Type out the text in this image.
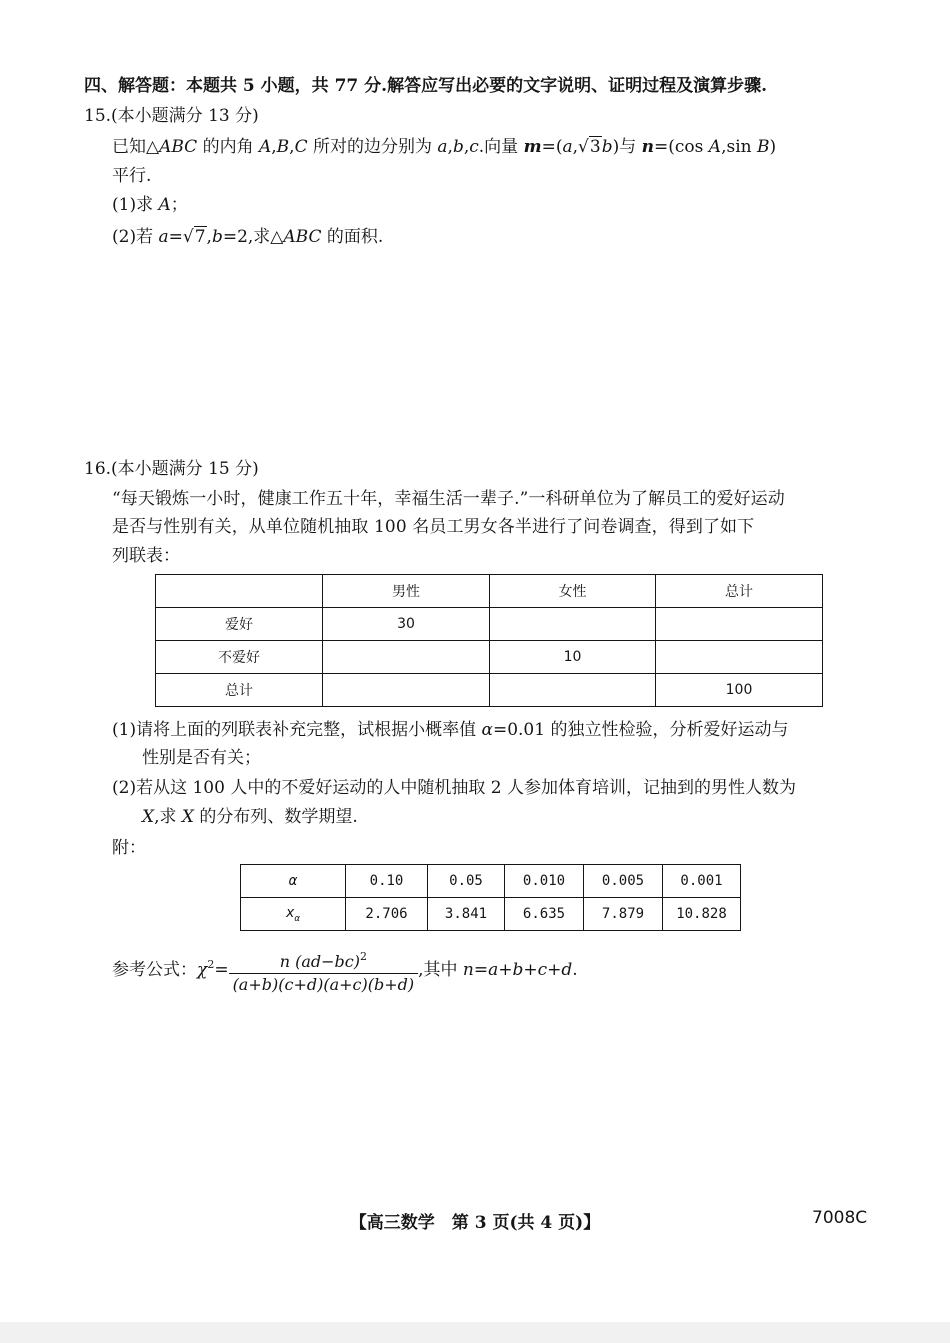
四、解答题：本题共 5 小题，共 77 分.解答应写出必要的文字说明、证明过程及演算步骤.
15.(本小题满分 13 分)
已知△ABC 的内角 A,B,C 所对的边分别为 a,b,c.向量 m=(a,√3b)与 n=(cos A,sin B)
平行.
(1)求 A；
(2)若 a=√7,b=2,求△ABC 的面积.
16.(本小题满分 15 分)
“每天锻炼一小时，健康工作五十年，幸福生活一辈子.”一科研单位为了解员工的爱好运动
是否与性别有关，从单位随机抽取 100 名员工男女各半进行了问卷调查，得到了如下
列联表：
	男性	女性	总计
爱好	30		
不爱好		10	
总计			100
(1)请将上面的列联表补充完整，试根据小概率值 α=0.01 的独立性检验，分析爱好运动与
性别是否有关；
(2)若从这 100 人中的不爱好运动的人中随机抽取 2 人参加体育培训，记抽到的男性人数为
X,求 X 的分布列、数学期望.
附：
α	0.10	0.05	0.010	0.005	0.001
$x_\alpha$	2.706	3.841	6.635	7.879	10.828
参考公式：$\chi^2= \frac{n (ad-bc)^2}{(a+b)(c+d)(a+c)(b+d)}$ ,其中 n=a+b+c+d.
【高三数学　第 3 页(共 4 页)】	7008C
